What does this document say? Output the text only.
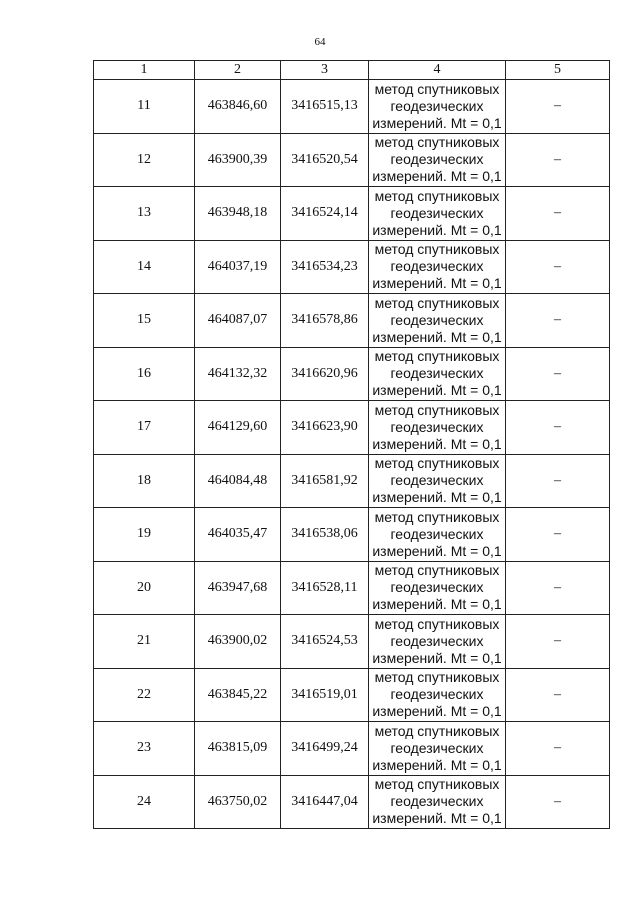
64
1	2	3	4	5
11	463846,60	3416515,13	метод спутниковых
геодезических
измерений. Mt = 0,1	–
12	463900,39	3416520,54	метод спутниковых
геодезических
измерений. Mt = 0,1	–
13	463948,18	3416524,14	метод спутниковых
геодезических
измерений. Mt = 0,1	–
14	464037,19	3416534,23	метод спутниковых
геодезических
измерений. Mt = 0,1	–
15	464087,07	3416578,86	метод спутниковых
геодезических
измерений. Mt = 0,1	–
16	464132,32	3416620,96	метод спутниковых
геодезических
измерений. Mt = 0,1	–
17	464129,60	3416623,90	метод спутниковых
геодезических
измерений. Mt = 0,1	–
18	464084,48	3416581,92	метод спутниковых
геодезических
измерений. Mt = 0,1	–
19	464035,47	3416538,06	метод спутниковых
геодезических
измерений. Mt = 0,1	–
20	463947,68	3416528,11	метод спутниковых
геодезических
измерений. Mt = 0,1	–
21	463900,02	3416524,53	метод спутниковых
геодезических
измерений. Mt = 0,1	–
22	463845,22	3416519,01	метод спутниковых
геодезических
измерений. Mt = 0,1	–
23	463815,09	3416499,24	метод спутниковых
геодезических
измерений. Mt = 0,1	–
24	463750,02	3416447,04	метод спутниковых
геодезических
измерений. Mt = 0,1	–
